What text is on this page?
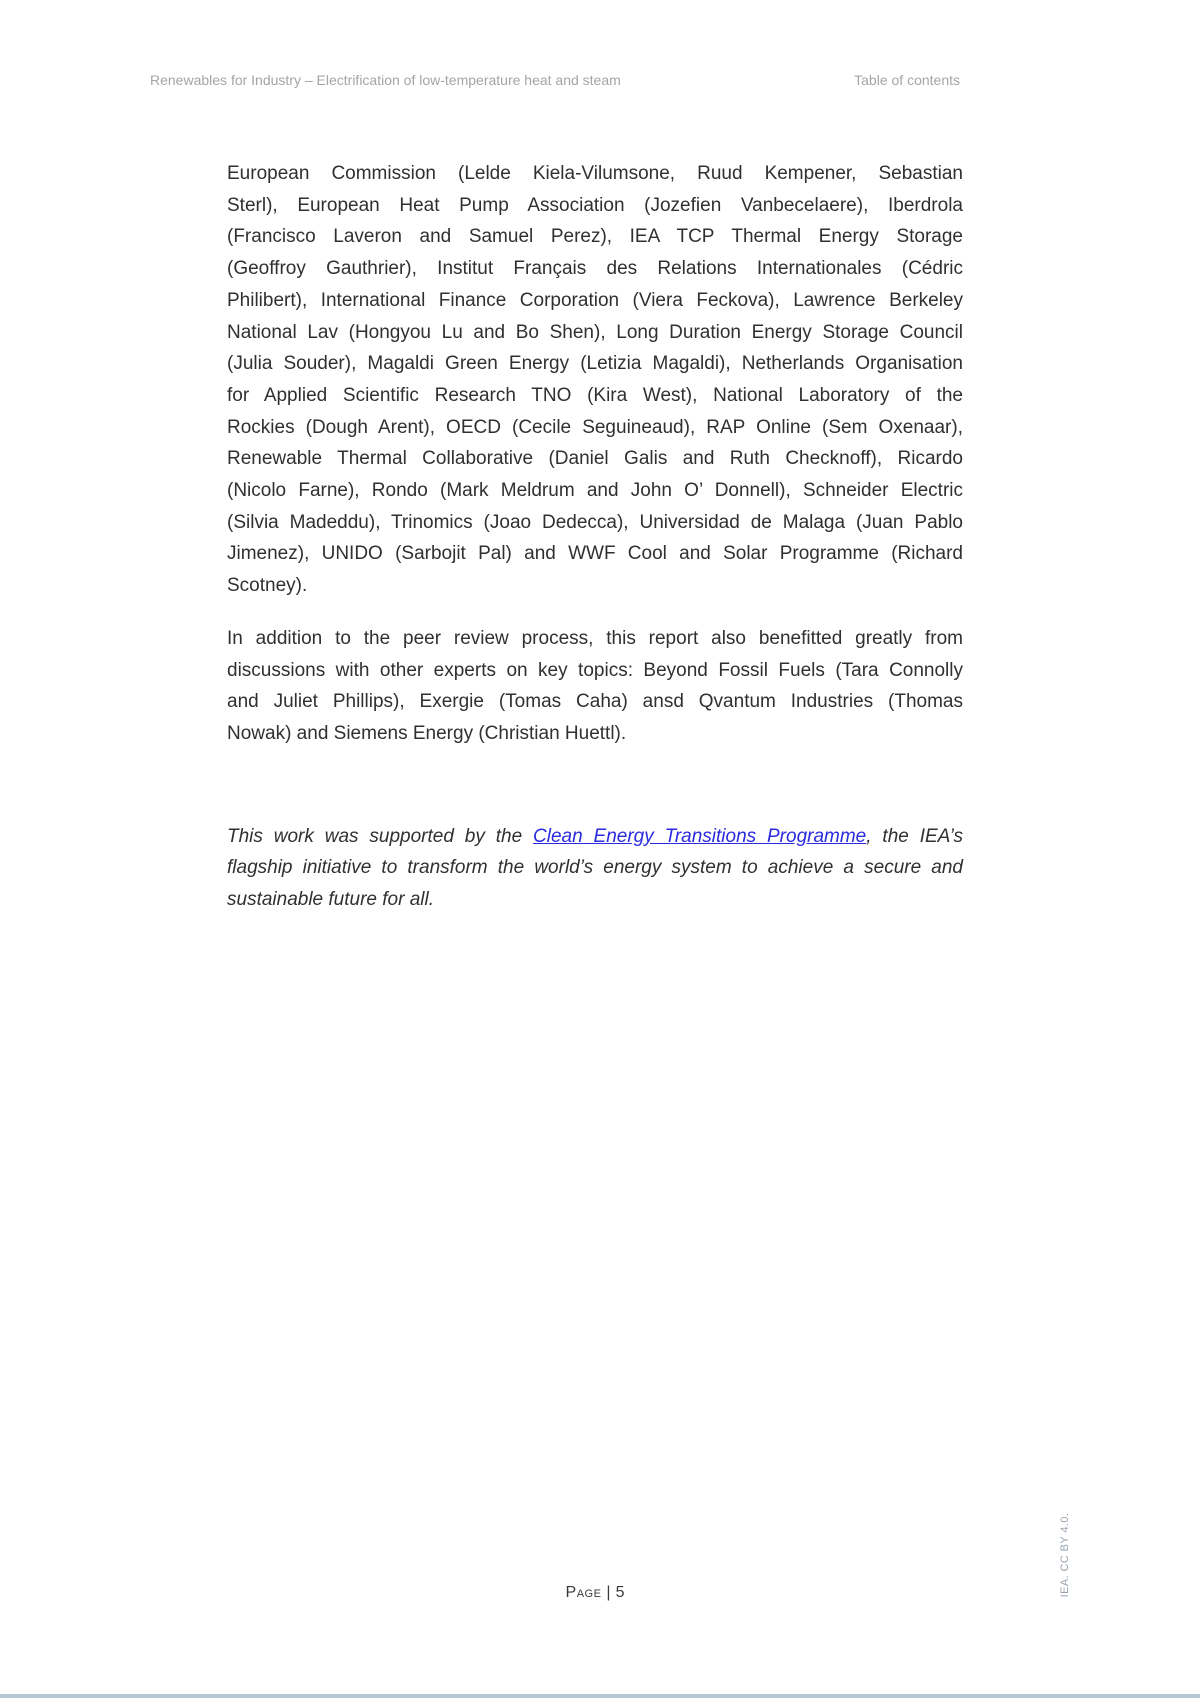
Renewables for Industry – Electrification of low-temperature heat and steam	Table of contents
European Commission (Lelde Kiela-Vilumsone, Ruud Kempener, Sebastian
Sterl), European Heat Pump Association (Jozefien Vanbecelaere), Iberdrola
(Francisco Laveron and Samuel Perez), IEA TCP Thermal Energy Storage
(Geoffroy Gauthrier), Institut Français des Relations Internationales (Cédric
Philibert), International Finance Corporation (Viera Feckova), Lawrence Berkeley
National Lav (Hongyou Lu and Bo Shen), Long Duration Energy Storage Council
(Julia Souder), Magaldi Green Energy (Letizia Magaldi), Netherlands Organisation
for Applied Scientific Research TNO (Kira West), National Laboratory of the
Rockies (Dough Arent), OECD (Cecile Seguineaud), RAP Online (Sem Oxenaar),
Renewable Thermal Collaborative (Daniel Galis and Ruth Checknoff), Ricardo
(Nicolo Farne), Rondo (Mark Meldrum and John O’ Donnell), Schneider Electric
(Silvia Madeddu), Trinomics (Joao Dedecca), Universidad de Malaga (Juan Pablo
Jimenez), UNIDO (Sarbojit Pal) and WWF Cool and Solar Programme (Richard
Scotney).
In addition to the peer review process, this report also benefitted greatly from
discussions with other experts on key topics: Beyond Fossil Fuels (Tara Connolly
and Juliet Phillips), Exergie (Tomas Caha) ansd Qvantum Industries (Thomas
Nowak) and Siemens Energy (Christian Huettl).
This work was supported by the Clean Energy Transitions Programme, the IEA’s
flagship initiative to transform the world’s energy system to achieve a secure and
sustainable future for all.
Page | 5	IEA. CC BY 4.0.
